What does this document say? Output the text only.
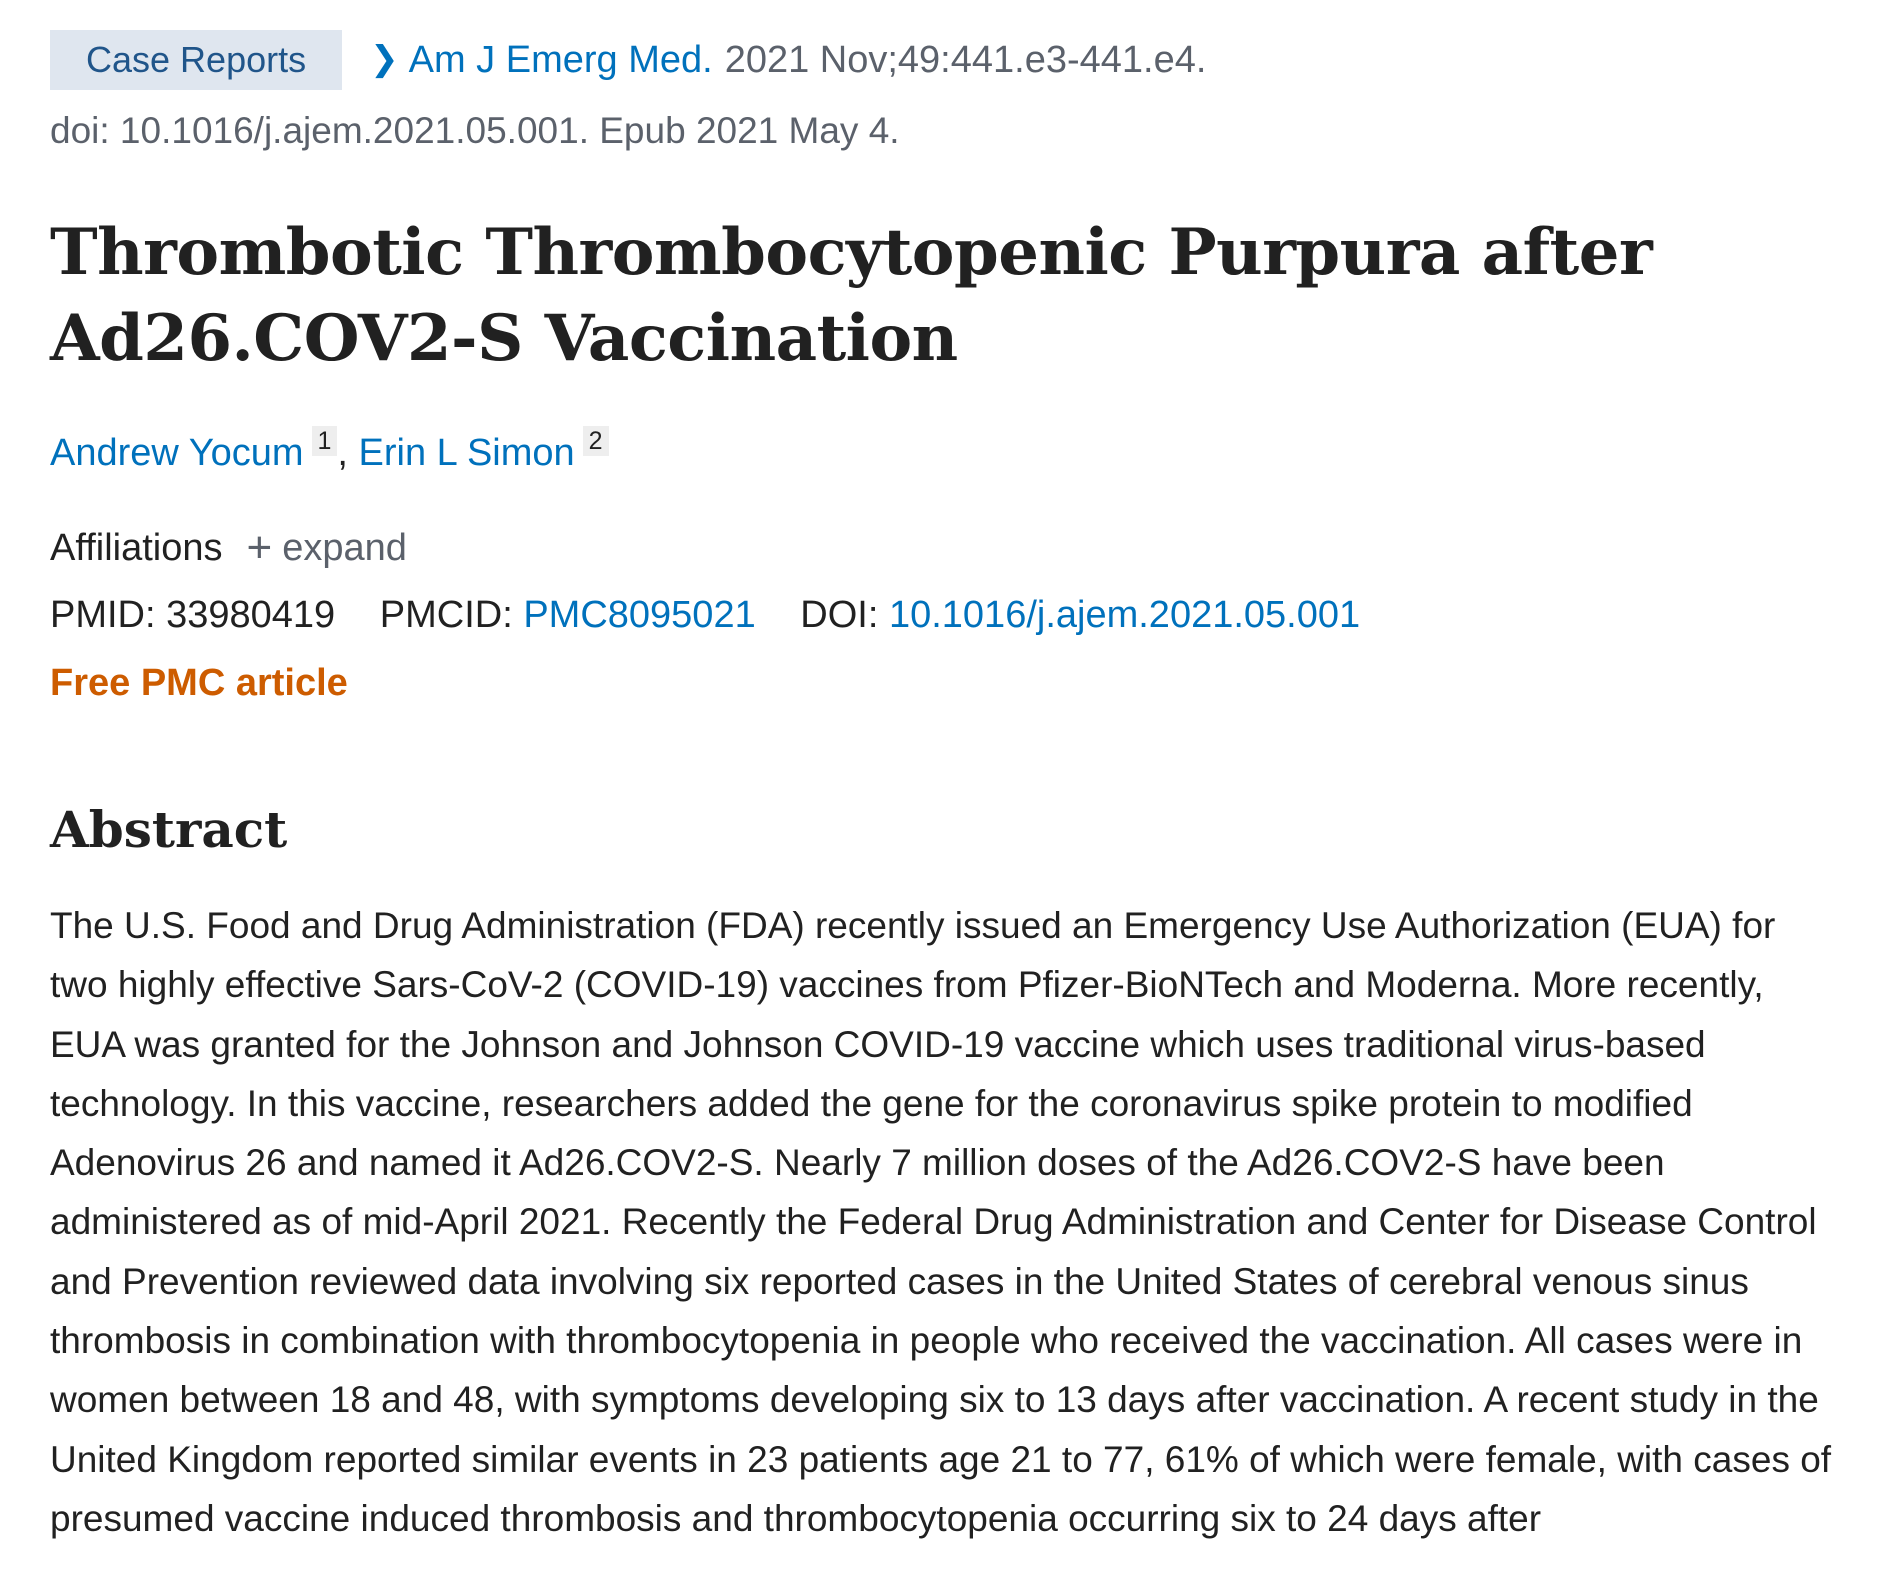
Case Reports	❯ Am J Emerg Med. 2021 Nov;49:441.e3-441.e4.
doi: 10.1016/j.ajem.2021.05.001. Epub 2021 May 4.
Thrombotic Thrombocytopenic Purpura after Ad26.COV2-S Vaccination
Andrew Yocum 1 , Erin L Simon 2
Affiliations + expand
PMID: 33980419 PMCID: PMC8095021 DOI: 10.1016/j.ajem.2021.05.001
Free PMC article
Abstract

The U.S. Food and Drug Administration (FDA) recently issued an Emergency Use Authorization (EUA) for two highly effective Sars-CoV-2 (COVID-19) vaccines from Pfizer-BioNTech and Moderna. More recently, EUA was granted for the Johnson and Johnson COVID-19 vaccine which uses traditional virus-based technology. In this vaccine, researchers added the gene for the coronavirus spike protein to modified Adenovirus 26 and named it Ad26.COV2-S. Nearly 7 million doses of the Ad26.COV2-S have been administered as of mid-April 2021. Recently the Federal Drug Administration and Center for Disease Control and Prevention reviewed data involving six reported cases in the United States of cerebral venous sinus thrombosis in combination with thrombocytopenia in people who received the vaccination. All cases were in women between 18 and 48, with symptoms developing six to 13 days after vaccination. A recent study in the United Kingdom reported similar events in 23 patients age 21 to 77, 61% of which were female, with cases of presumed vaccine induced thrombosis and thrombocytopenia occurring six to 24 days after
